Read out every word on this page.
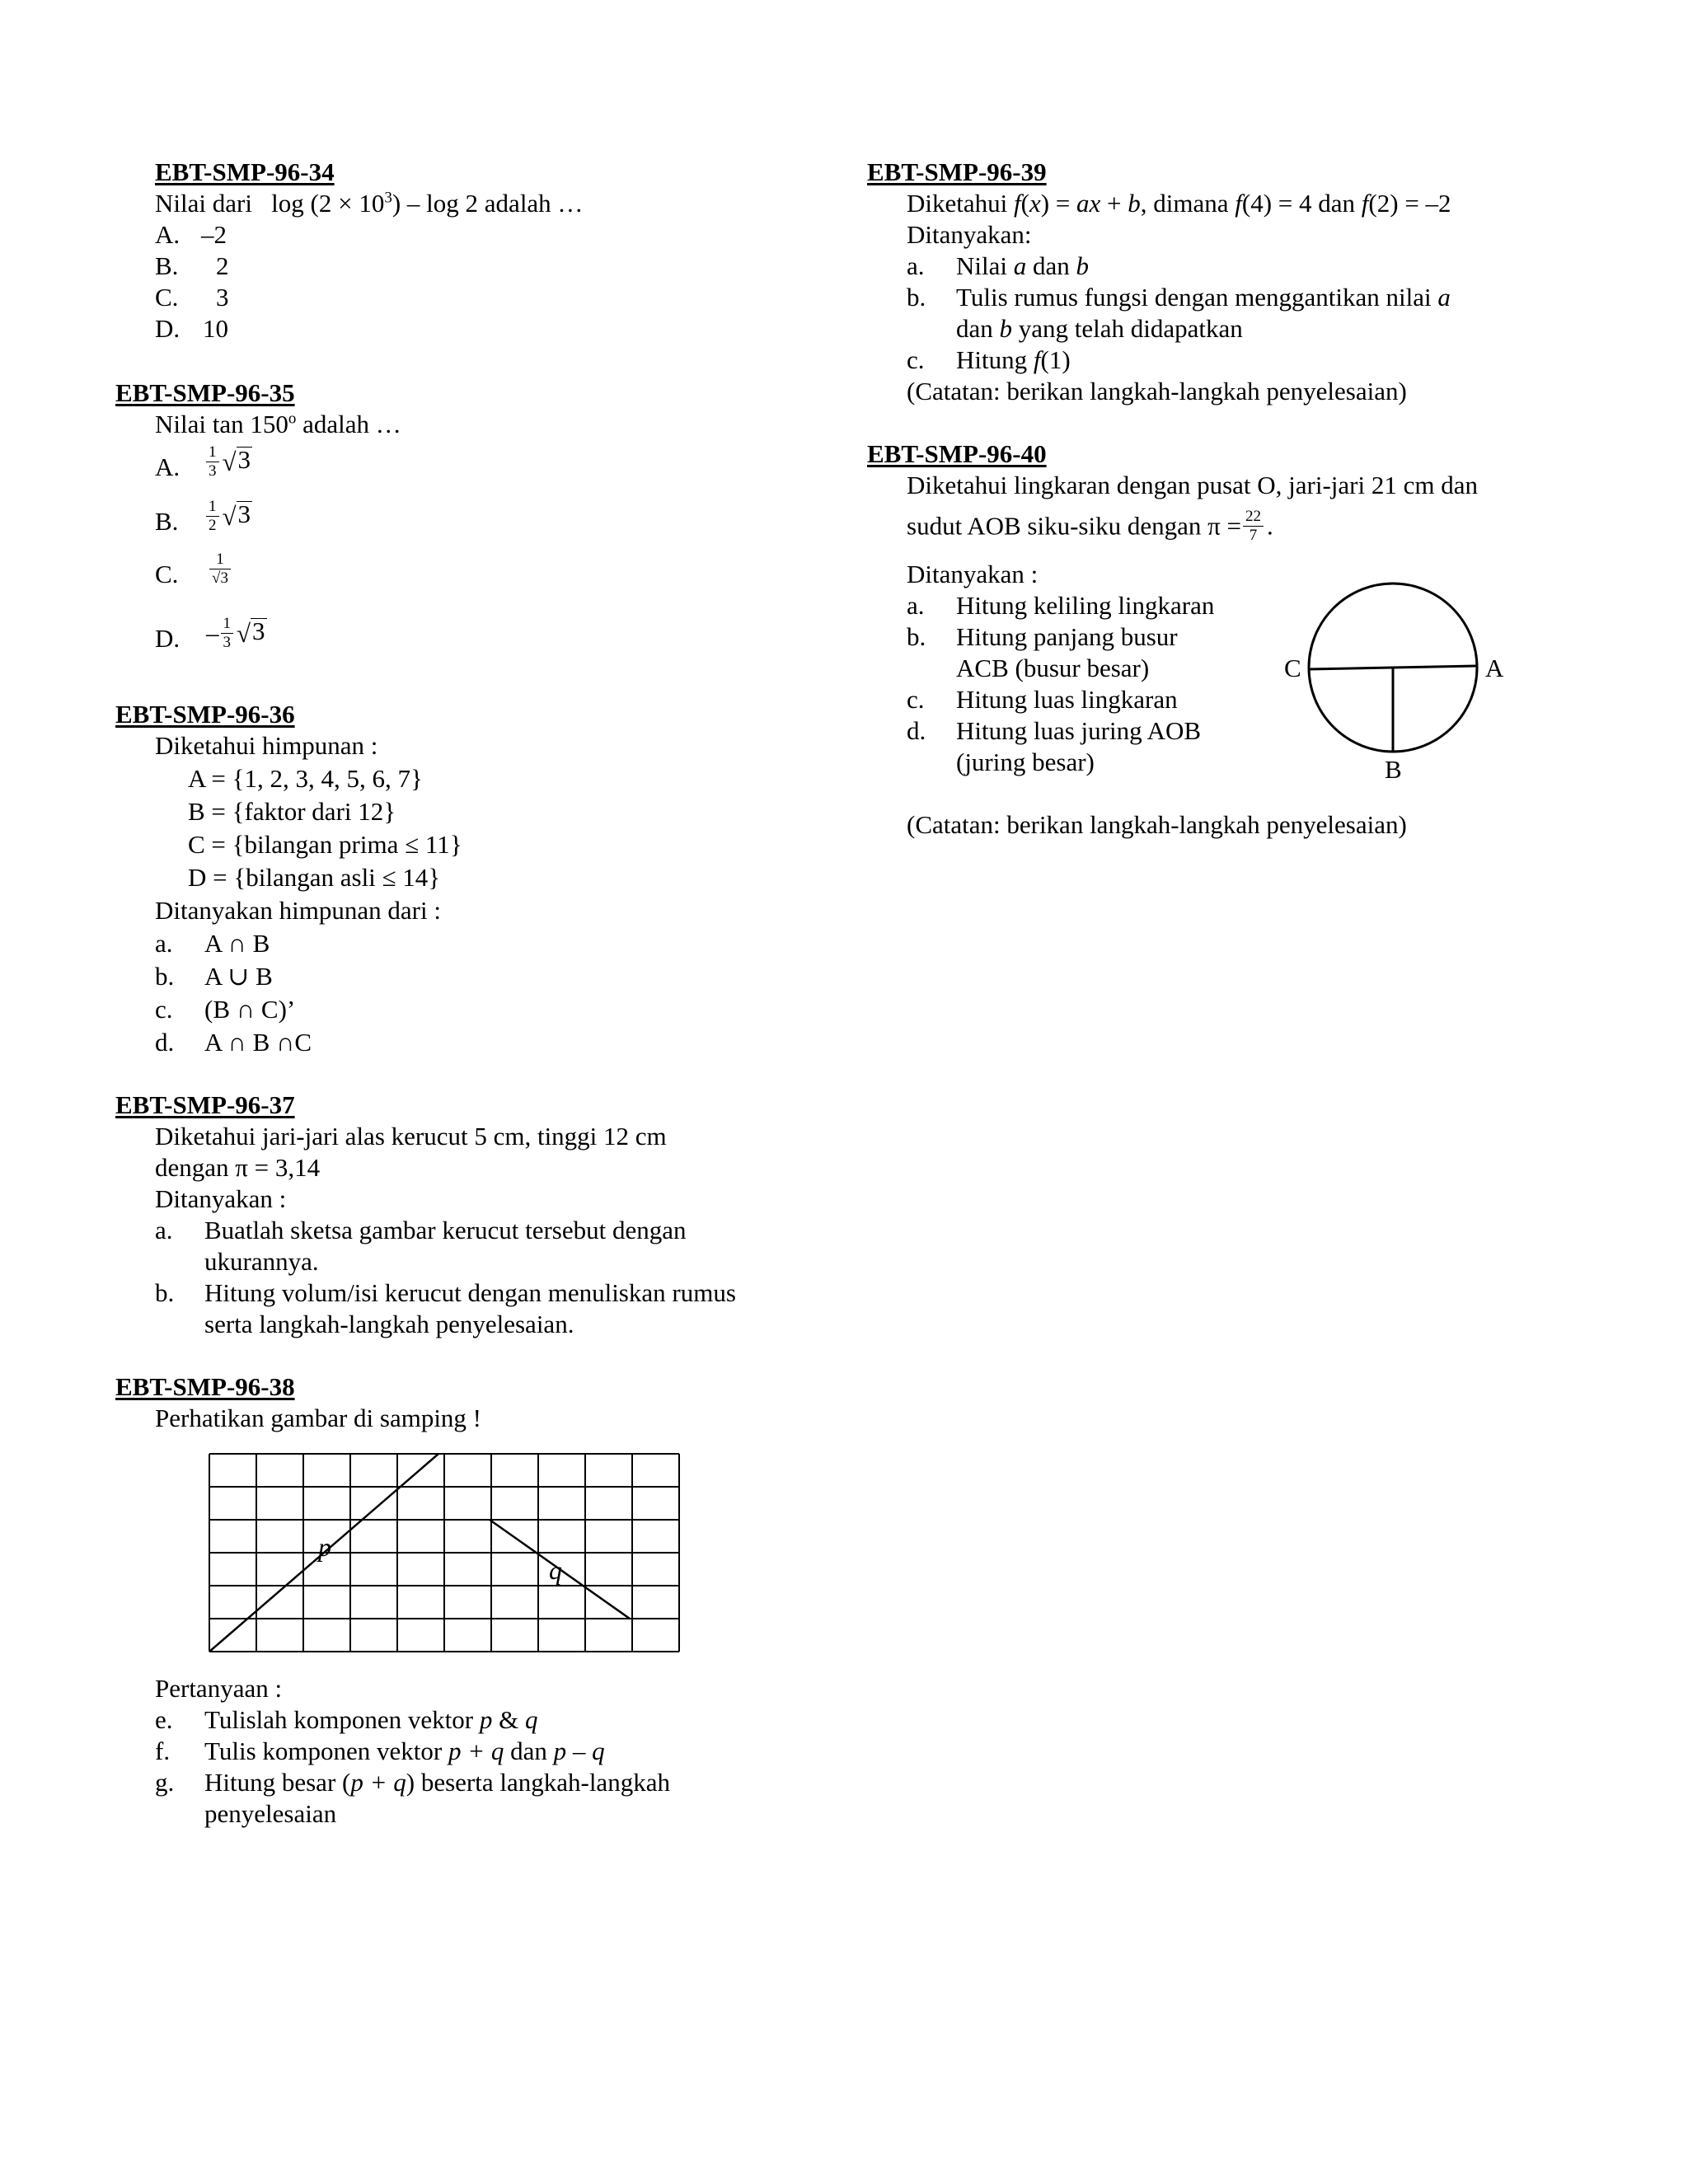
EBT-SMP-96-34
Nilai dari   $\log (2 \times 10^3) - \log 2$ adalah …
A. –2
B. 2
C. 3
D. 10
EBT-SMP-96-35
Nilai tan 150$^o$ adalah …
A. $\frac{1}{3} √3$
B. $\frac{1}{2} √3$
C. $\frac{1}{√3}$
D. – $\frac{1}{3} √3$
EBT-SMP-96-36
Diketahui himpunan :
A = {1, 2, 3, 4, 5, 6, 7}
B = {faktor dari 12}
C = {bilangan prima ≤ 11}
D = {bilangan asli ≤ 14}
Ditanyakan himpunan dari :
a. A ∩ B
b. A ∪ B
c. (B ∩ C)’
d. A ∩ B ∩C
EBT-SMP-96-37
Diketahui jari-jari alas kerucut 5 cm, tinggi 12 cm
dengan π = 3,14
Ditanyakan :
a. Buatlah sketsa gambar kerucut tersebut dengan
ukurannya.
b. Hitung volum/isi kerucut dengan menuliskan rumus
serta langkah-langkah penyelesaian.
EBT-SMP-96-38
Perhatikan gambar di samping !
p
q
Pertanyaan :
e. Tulislah komponen vektor p & q
f. Tulis komponen vektor p + q dan p – q
g. Hitung besar (p + q) beserta langkah-langkah
penyelesaian
EBT-SMP-96-39
Diketahui f(x) = ax + b, dimana f(4) = 4 dan f(2) = –2
Ditanyakan:
a. Nilai a dan b
b. Tulis rumus fungsi dengan menggantikan nilai a
dan b yang telah didapatkan
c. Hitung f(1)
(Catatan: berikan langkah-langkah penyelesaian)
EBT-SMP-96-40
Diketahui lingkaran dengan pusat O, jari-jari 21 cm dan
sudut AOB siku-siku dengan $\pi = \frac{22}{7}$ .
Ditanyakan :
a. Hitung keliling lingkaran
b. Hitung panjang busur
ACB (busur besar)
c. Hitung luas lingkaran
d. Hitung luas juring AOB
(juring besar)
C	A
B
(Catatan: berikan langkah-langkah penyelesaian)
